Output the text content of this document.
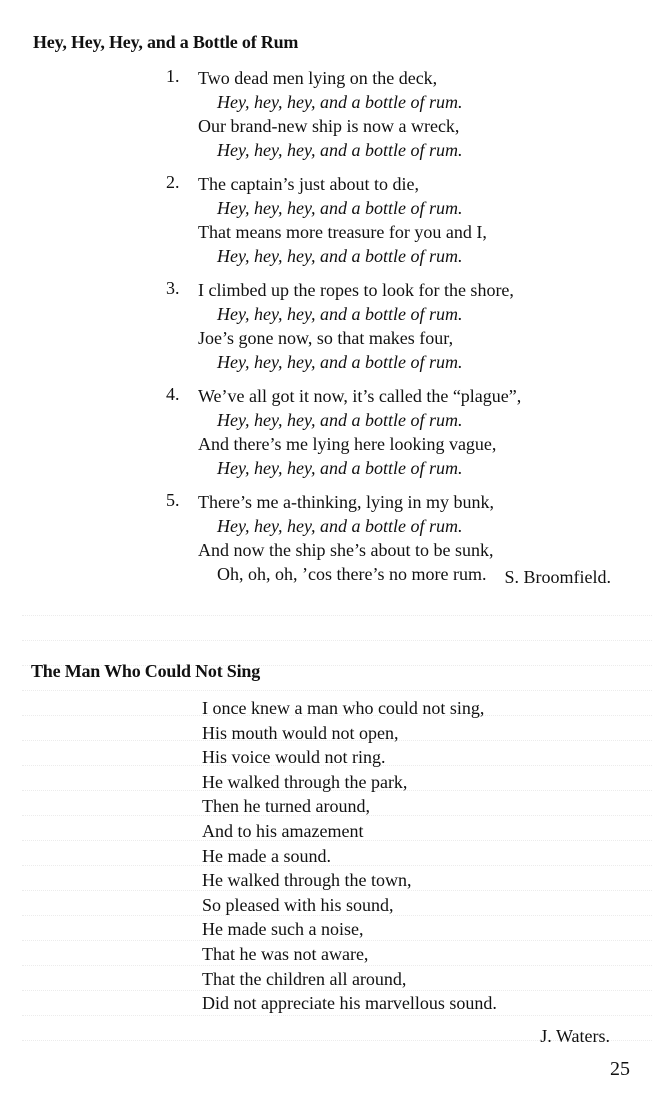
Hey, Hey, Hey, and a Bottle of Rum
1.	Two dead men lying on the deck,
Hey, hey, hey, and a bottle of rum.
Our brand-new ship is now a wreck,
Hey, hey, hey, and a bottle of rum.
2.	The captain’s just about to die,
Hey, hey, hey, and a bottle of rum.
That means more treasure for you and I,
Hey, hey, hey, and a bottle of rum.
3.	I climbed up the ropes to look for the shore,
Hey, hey, hey, and a bottle of rum.
Joe’s gone now, so that makes four,
Hey, hey, hey, and a bottle of rum.
4.	We’ve all got it now, it’s called the “plague”,
Hey, hey, hey, and a bottle of rum.
And there’s me lying here looking vague,
Hey, hey, hey, and a bottle of rum.
5.	There’s me a-thinking, lying in my bunk,
Hey, hey, hey, and a bottle of rum.
And now the ship she’s about to be sunk,
Oh, oh, oh, ’cos there’s no more rum.	S. Broomfield.
The Man Who Could Not Sing
I once knew a man who could not sing,
His mouth would not open,
His voice would not ring.
He walked through the park,
Then he turned around,
And to his amazement
He made a sound.
He walked through the town,
So pleased with his sound,
He made such a noise,
That he was not aware,
That the children all around,
Did not appreciate his marvellous sound.
J. Waters.
25
